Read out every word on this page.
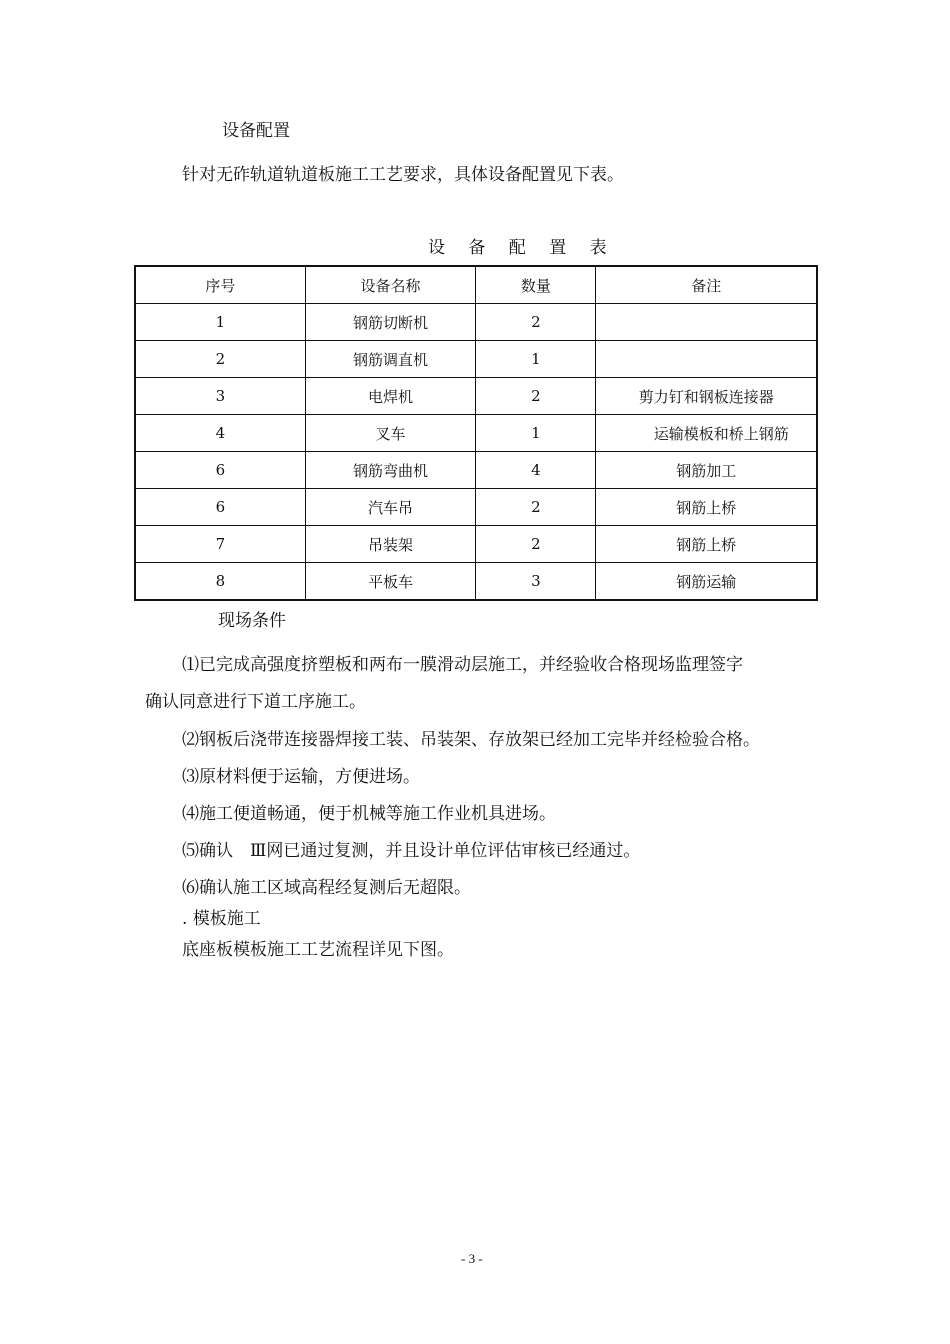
设备配置
针对无砟轨道轨道板施工工艺要求，具体设备配置见下表。
设 备 配 置 表
序号	设备名称	数量	备注
1	钢筋切断机	2	
2	钢筋调直机	1	
3	电焊机	2	剪力钉和钢板连接器
4	叉车	1	运输模板和桥上钢筋
6	钢筋弯曲机	4	钢筋加工
6	汽车吊	2	钢筋上桥
7	吊装架	2	钢筋上桥
8	平板车	3	钢筋运输
现场条件
⑴已完成高强度挤塑板和两布一膜滑动层施工，并经验收合格现场监理签字
确认同意进行下道工序施工。
⑵钢板后浇带连接器焊接工装、吊装架、存放架已经加工完毕并经检验合格。
⑶原材料便于运输，方便进场。
⑷施工便道畅通，便于机械等施工作业机具进场。
⑸确认　Ⅲ网已通过复测，并且设计单位评估审核已经通过。
⑹确认施工区域高程经复测后无超限。
. 模板施工
底座板模板施工工艺流程详见下图。
- 3 -
